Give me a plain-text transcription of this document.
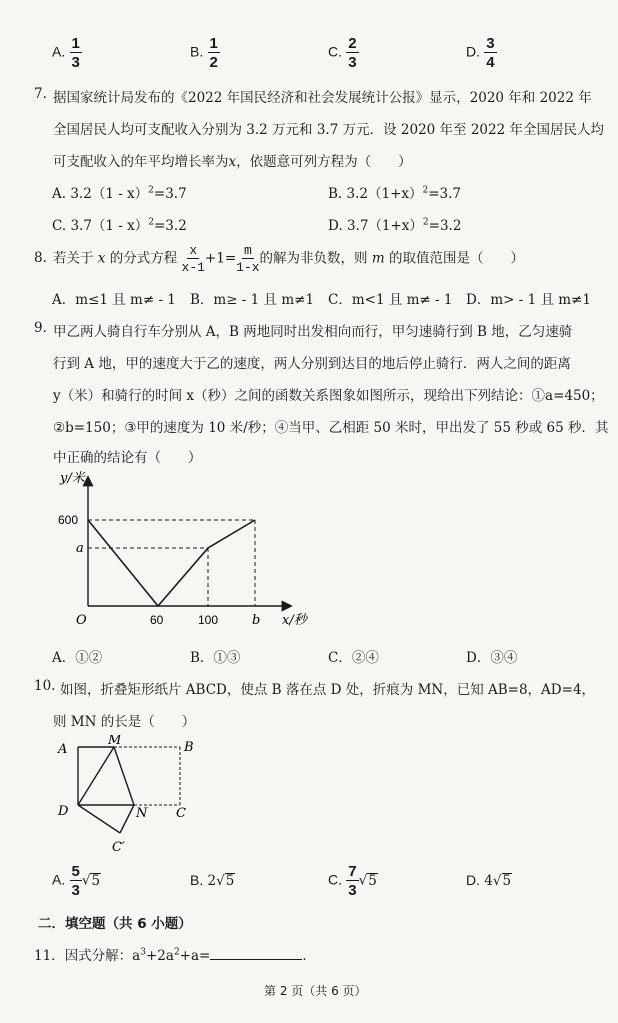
A. $\frac{1}{3}$	B. $\frac{1}{2}$	C. $\frac{2}{3}$	D. $\frac{3}{4}$
7. 据国家统计局发布的《2022 年国民经济和社会发展统计公报》显示，2020 年和 2022 年
全国居民人均可支配收入分别为 3.2 万元和 3.7 万元．设 2020 年至 2022 年全国居民人均
可支配收入的年平均增长率为x，依题意可列方程为（　　）
A. 3.2（1 - x）$^2$=3.7	B. $3.2(1+x)^2=3.7$
C. 3.7（1 - x）$^2$=3.2	D. $3.7(1+x)^2=3.2$
8. 若关于 x 的分式方程 $\frac{x}{x-1} +1= \frac{m}{1-x}$ 的解为非负数，则 m 的取值范围是（　　）
A．m≤1 且 m≠ - 1 B．m≥ - 1 且 m≠1 C．m<1 且 m≠ - 1 D．m> - 1 且 m≠1
9. 甲乙两人骑自行车分别从 A，B 两地同时出发相向而行，甲匀速骑行到 B 地，乙匀速骑
行到 A 地，甲的速度大于乙的速度，两人分别到达目的地后停止骑行．两人之间的距离
y（米）和骑行的时间 x（秒）之间的函数关系图象如图所示，现给出下列结论：①a=450；
②b=150；③甲的速度为 10 米/秒；④当甲、乙相距 50 米时，甲出发了 55 秒或 65 秒．其
中正确的结论有（　　）
y/米
x/秒
O
600
a
60	100	b
A．①②	B．①③	C．②④	D．③④
10. 如图，折叠矩形纸片 ABCD，使点 B 落在点 D 处，折痕为 MN，已知 AB=8，AD=4，
则 MN 的长是（　　）
A
M	B
D	N C
C′
A. $\frac{5}{3} √5$	B. 2√5	C. $\frac{7}{3} √5$	D. 4√5
二．填空题（共 6 小题）
11．因式分解：$a^3+2a^2+a=$	．
第 2 页（共 6 页）
